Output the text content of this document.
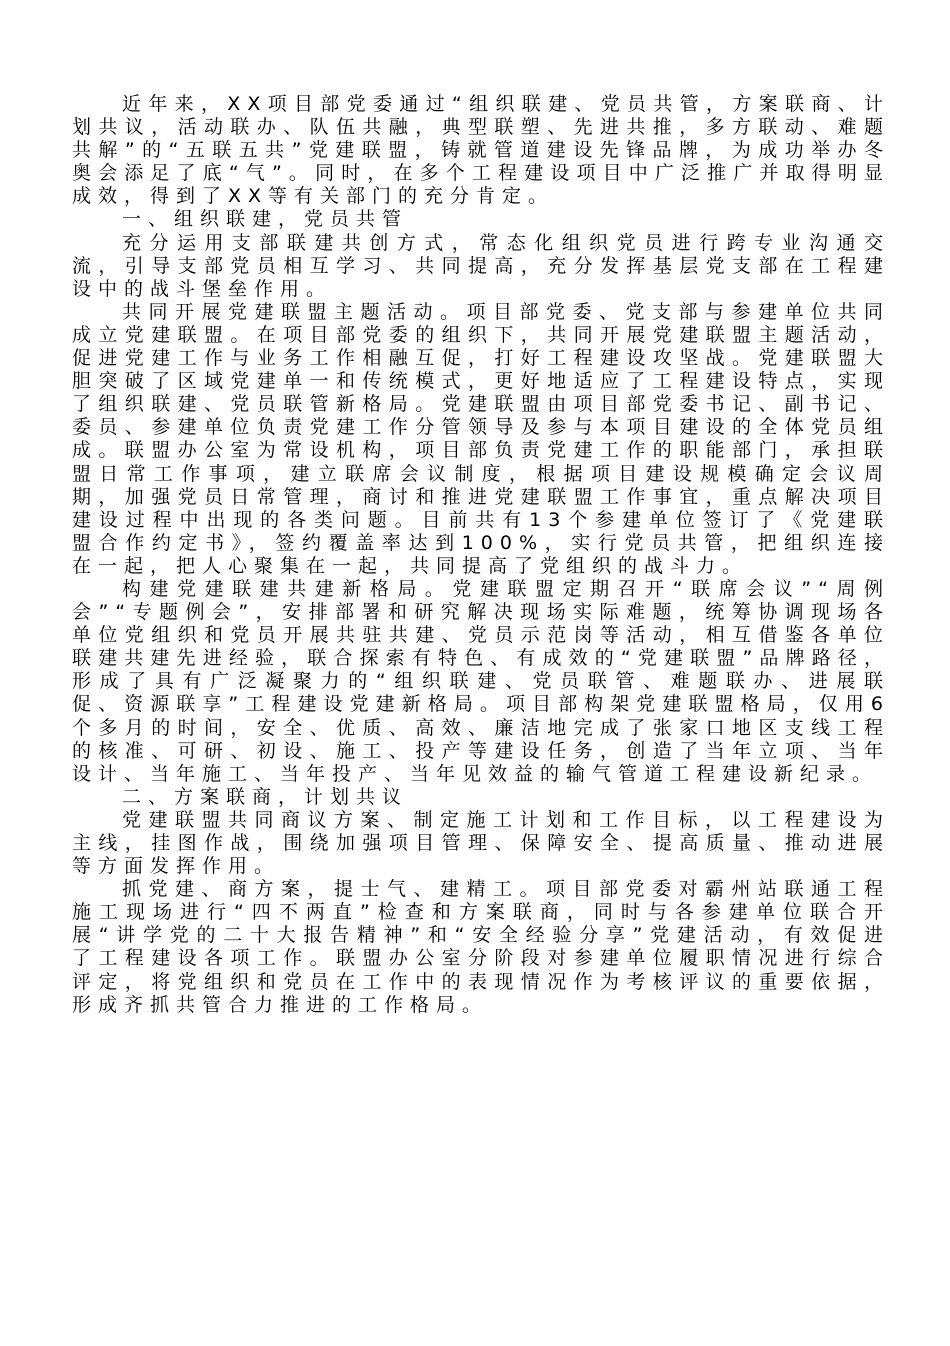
近年来，XX项目部党委通过“组织联建、党员共管，方案联商、计划共议，活动联办、队伍共融，典型联塑、先进共推，多方联动、难题共解”的“五联五共”党建联盟，铸就管道建设先锋品牌，为成功举办冬奥会添足了底“气”。同时，在多个工程建设项目中广泛推广并取得明显成效，得到了XX等有关部门的充分肯定。

一、组织联建，党员共管

充分运用支部联建共创方式，常态化组织党员进行跨专业沟通交流，引导支部党员相互学习、共同提高，充分发挥基层党支部在工程建设中的战斗堡垒作用。

共同开展党建联盟主题活动。项目部党委、党支部与参建单位共同成立党建联盟。在项目部党委的组织下，共同开展党建联盟主题活动，促进党建工作与业务工作相融互促，打好工程建设攻坚战。党建联盟大胆突破了区域党建单一和传统模式，更好地适应了工程建设特点，实现了组织联建、党员联管新格局。党建联盟由项目部党委书记、副书记、委员、参建单位负责党建工作分管领导及参与本项目建设的全体党员组成。联盟办公室为常设机构，项目部负责党建工作的职能部门，承担联盟日常工作事项，建立联席会议制度，根据项目建设规模确定会议周期，加强党员日常管理，商讨和推进党建联盟工作事宜，重点解决项目建设过程中出现的各类问题。目前共有13个参建单位签订了《党建联盟合作约定书》，签约覆盖率达到100%，实行党员共管，把组织连接在一起，把人心聚集在一起，共同提高了党组织的战斗力。

构建党建联建共建新格局。党建联盟定期召开“联席会议”“周例会”“专题例会”，安排部署和研究解决现场实际难题，统筹协调现场各单位党组织和党员开展共驻共建、党员示范岗等活动，相互借鉴各单位联建共建先进经验，联合探索有特色、有成效的“党建联盟”品牌路径，形成了具有广泛凝聚力的“组织联建、党员联管、难题联办、进展联促、资源联享”工程建设党建新格局。项目部构架党建联盟格局，仅用6个多月的时间，安全、优质、高效、廉洁地完成了张家口地区支线工程的核准、可研、初设、施工、投产等建设任务，创造了当年立项、当年设计、当年施工、当年投产、当年见效益的输气管道工程建设新纪录。

二、方案联商，计划共议

党建联盟共同商议方案、制定施工计划和工作目标，以工程建设为主线，挂图作战，围绕加强项目管理、保障安全、提高质量、推动进展等方面发挥作用。

抓党建、商方案，提士气、建精工。项目部党委对霸州站联通工程施工现场进行“四不两直”检查和方案联商，同时与各参建单位联合开展“讲学党的二十大报告精神”和“安全经验分享”党建活动，有效促进了工程建设各项工作。联盟办公室分阶段对参建单位履职情况进行综合评定，将党组织和党员在工作中的表现情况作为考核评议的重要依据，形成齐抓共管合力推进的工作格局。
